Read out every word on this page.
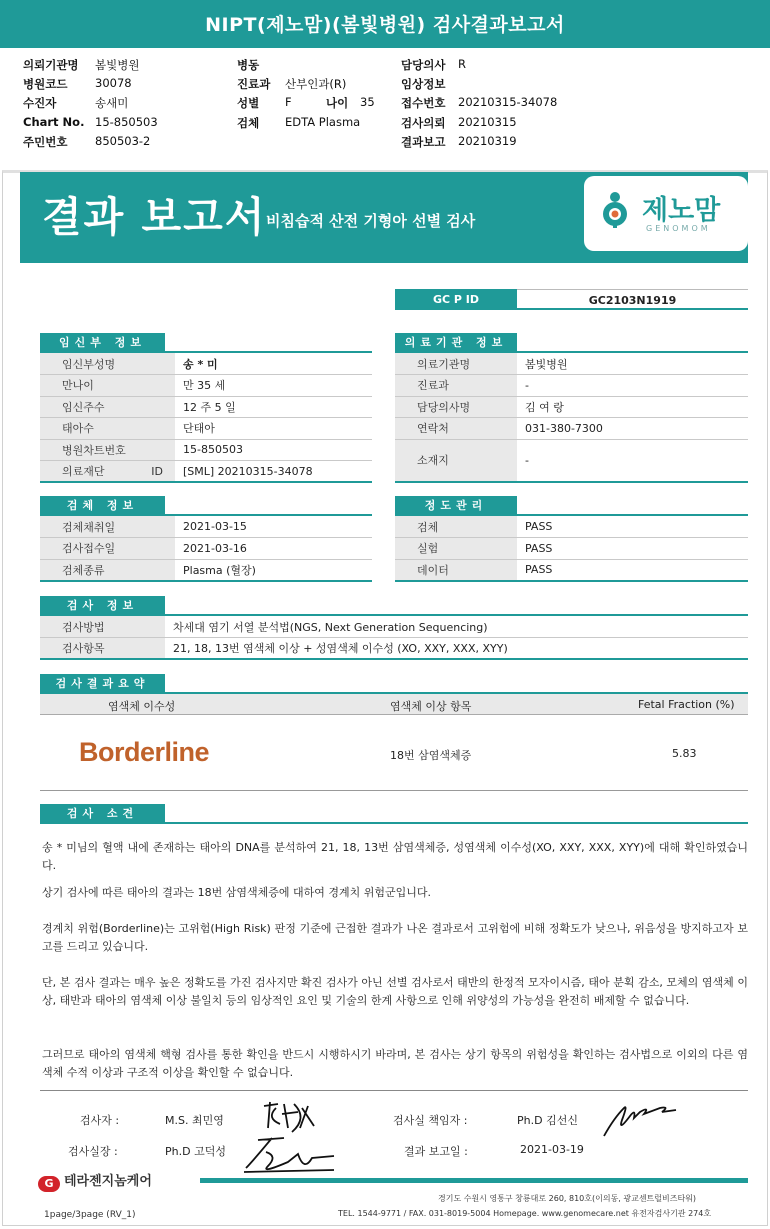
NIPT(제노맘)(봄빛병원) 검사결과보고서
의뢰기관명 봄빛병원
병원코드 30078
수진자	송새미
Chart No. 15-850503
주민번호 850503-2
병동
진료과 산부인과(R)
성별 F	나이 35
검체 EDTA Plasma
담당의사 R
임상정보
접수번호 20210315-34078
검사의뢰 20210315
결과보고 20210319
결과 보고서 비침습적 산전 기형아 선별 검사	제노맘
GENOMOM
GC P ID	GC2103N1919
임신부 정보
임신부성명	송 * 미
만나이	만 35 세
임신주수	12 주 5 일
태아수	단태아
병원차트번호	15-850503
의료재단 ID	[SML] 20210315-34078
의료기관 정보
의료기관명	봄빛병원
진료과	-
담당의사명	김 여 랑
연락처	031-380-7300
소재지	-
검체 정보
검체채취일	2021-03-15
검사접수일	2021-03-16
검체종류	Plasma (혈장)
정도관리
검체	PASS
실험	PASS
데이터	PASS
검사 정보
검사방법	차세대 염기 서열 분석법(NGS, Next Generation Sequencing)
검사항목	21, 18, 13번 염색체 이상 + 성염색체 이수성 (XO, XXY, XXX, XYY)
검사결과요약
염색체 이수성	염색체 이상 항목	Fetal Fraction (%)
Borderline	18번 삼염색체증	5.83
검사 소견
송 * 미님의 혈액 내에 존재하는 태아의 DNA를 분석하여 21, 18, 13번 삼염색체증, 성염색체 이수성(XO, XXY, XXX, XYY)에 대해 확인하였습니다.
상기 검사에 따른 태아의 결과는 18번 삼염색체증에 대하여 경계치 위험군입니다.
경계치 위험(Borderline)는 고위험(High Risk) 판정 기준에 근접한 결과가 나온 결과로서 고위험에 비해 정확도가 낮으나, 위음성을 방지하고자 보고를 드리고 있습니다.
단, 본 검사 결과는 매우 높은 정확도를 가진 검사지만 확진 검사가 아닌 선별 검사로서 태반의 한정적 모자이시즘, 태아 분획 감소, 모체의 염색체 이상, 태반과 태아의 염색체 이상 불일치 등의 임상적인 요인 및 기술의 한계 사항으로 인해 위양성의 가능성을 완전히 배제할 수 없습니다.
그러므로 태아의 염색체 핵형 검사를 통한 확인을 반드시 시행하시기 바라며, 본 검사는 상기 항목의 위험성을 확인하는 검사법으로 이외의 다른 염색체 수적 이상과 구조적 이상을 확인할 수 없습니다.
검사자 :	M.S. 최민영	검사실 책임자 :	Ph.D 김선신
검사실장 :	Ph.D 고덕성	결과 보고일 :	2021-03-19
G 테라젠지놈케어
경기도 수원시 영통구 창룡대로 260, 810호(이의동, 광교센트럴비즈타워)
TEL. 1544-9771 / FAX. 031-8019-5004 Homepage. www.genomecare.net 유전자검사기관 274호
1page/3page (RV_1)
